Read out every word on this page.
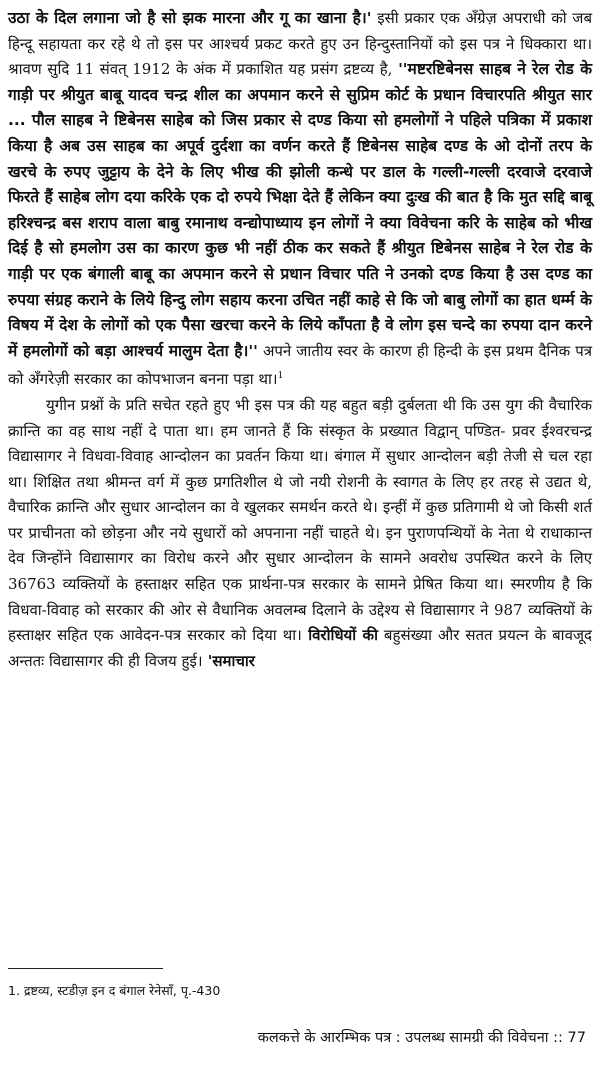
उठा के दिल लगाना जो है सो झक मारना और गू का खाना है।' इसी प्रकार एक अँग्रेज़ अपराधी को जब हिन्दू सहायता कर रहे थे तो इस पर आश्चर्य प्रकट करते हुए उन हिन्दुस्तानियों को इस पत्र ने धिक्कारा था। श्रावण सुदि 11 संवत् 1912 के अंक में प्रकाशित यह प्रसंग द्रष्टव्य है, ''मष्टरष्टिबेनस साहब ने रेल रोड के गाड़ी पर श्रीयुत बाबू यादव चन्द्र शील का अपमान करने से सुप्रिम कोर्ट के प्रधान विचारपति श्रीयुत सार ... पौल साहब ने ष्टिबेनस साहेब को जिस प्रकार से दण्ड किया सो हमलोगों ने पहिले पत्रिका में प्रकाश किया है अब उस साहब का अपूर्व दुर्दशा का वर्णन करते हैं ष्टिबेनस साहेब दण्ड के ओ दोनों तरप के खरचे के रुपए जुट्टाय के देने के लिए भीख की झोली कन्धे पर डाल के गल्ली-गल्ली दरवाजे दरवाजे फिरते हैं साहेब लोग दया करिके एक दो रुपये भिक्षा देते हैं लेकिन क्या दुःख की बात है कि मुत सद्दि बाबू हरिश्चन्द्र बस शराप वाला बाबु रमानाथ वन्द्योपाध्याय इन लोगों ने क्या विवेचना करि के साहेब को भीख दिई है सो हमलोग उस का कारण कुछ भी नहीं ठीक कर सकते हैं श्रीयुत ष्टिबेनस साहेब ने रेल रोड के गाड़ी पर एक बंगाली बाबू का अपमान करने से प्रधान विचार पति ने उनको दण्ड किया है उस दण्ड का रुपया संग्रह कराने के लिये हिन्दु लोग सहाय करना उचित नहीं काहे से कि जो बाबु लोगों का हात धर्म्म के विषय में देश के लोगों को एक पैसा खरचा करने के लिये काँपता है वे लोग इस चन्दे का रुपया दान करने में हमलोगों को बड़ा आश्चर्य मालुम देता है।'' अपने जातीय स्वर के कारण ही हिन्दी के इस प्रथम दैनिक पत्र को अँगरेज़ी सरकार का कोपभाजन बनना पड़ा था।$^1$

युगीन प्रश्नों के प्रति सचेत रहते हुए भी इस पत्र की यह बहुत बड़ी दुर्बलता थी कि उस युग की वैचारिक क्रान्ति का वह साथ नहीं दे पाता था। हम जानते हैं कि संस्कृत के प्रख्यात विद्वान् पण्डित- प्रवर ईश्वरचन्द्र विद्यासागर ने विधवा-विवाह आन्दोलन का प्रवर्तन किया था। बंगाल में सुधार आन्दोलन बड़ी तेजी से चल रहा था। शिक्षित तथा श्रीमन्त वर्ग में कुछ प्रगतिशील थे जो नयी रोशनी के स्वागत के लिए हर तरह से उद्यत थे, वैचारिक क्रान्ति और सुधार आन्दोलन का वे खुलकर समर्थन करते थे। इन्हीं में कुछ प्रतिगामी थे जो किसी शर्त पर प्राचीनता को छोड़ना और नये सुधारों को अपनाना नहीं चाहते थे। इन पुराणपन्थियों के नेता थे राधाकान्त देव जिन्होंने विद्यासागर का विरोध करने और सुधार आन्दोलन के सामने अवरोध उपस्थित करने के लिए 36763 व्यक्तियों के हस्ताक्षर सहित एक प्रार्थना-पत्र सरकार के सामने प्रेषित किया था। स्मरणीय है कि विधवा-विवाह को सरकार की ओर से वैधानिक अवलम्ब दिलाने के उद्देश्य से विद्यासागर ने 987 व्यक्तियों के हस्ताक्षर सहित एक आवेदन-पत्र सरकार को दिया था। विरोधियों की बहुसंख्या और सतत प्रयत्न के बावजूद अन्ततः विद्यासागर की ही विजय हुई। 'समाचार

1. द्रष्टव्य, स्टडीज़ इन द बंगाल रेनेसाँ, पृ.-430
कलकत्ते के आरम्भिक पत्र : उपलब्ध सामग्री की विवेचना :: 77
